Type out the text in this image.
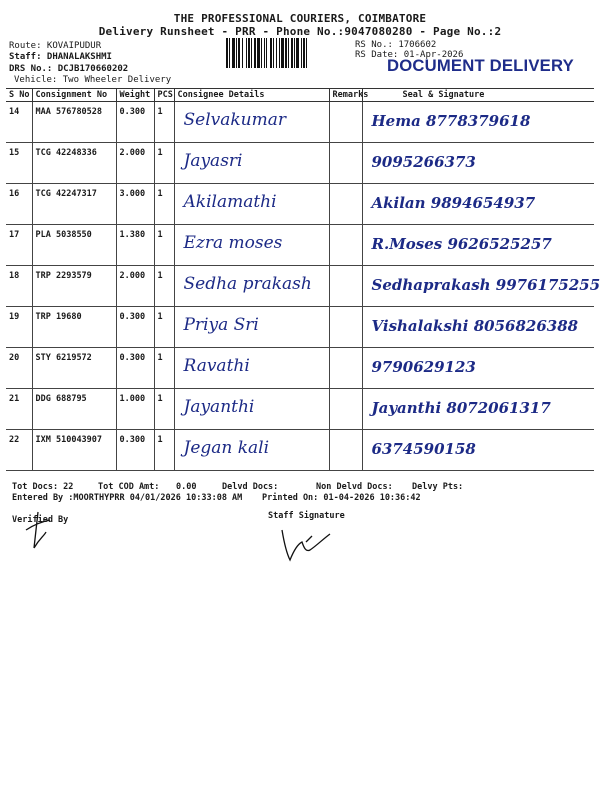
THE PROFESSIONAL COURIERS, COIMBATORE
Delivery Runsheet - PRR - Phone No.:9047080280 - Page No.:2
Route: KOVAIPUDUR
Staff: DHANALAKSHMI
DRS No.: DCJB170660202
Vehicle: Two Wheeler Delivery
RS No.: 1706602
RS Date: 01-Apr-2026
DOCUMENT DELIVERY
S No	Consignment No	Weight	PCS	Consignee Details	Remarks	Seal & Signature

14	MAA 576780528	0.300	1	Selvakumar		Hema 8778379618

15	TCG 42248336	2.000	1	Jayasri		9095266373

16	TCG 42247317	3.000	1	Akilamathi		Akilan 9894654937

17	PLA 5038550	1.380	1	Ezra moses		R.Moses 9626525257

18	TRP 2293579	2.000	1	Sedha prakash		Sedhaprakash 9976175255

19	TRP 19680	0.300	1	Priya Sri		Vishalakshi 8056826388

20	STY 6219572	0.300	1	Ravathi		9790629123

21	DDG 688795	1.000	1	Jayanthi		Jayanthi 8072061317

22	IXM 510043907	0.300	1	Jegan kali		6374590158
Tot Docs: 22	Tot COD Amt: 0.00	Delvd Docs:	Non Delvd Docs: Delvy Pts:
Entered By :MOORTHYPRR 04/01/2026 10:33:08 AM Printed On: 01-04-2026 10:36:42
Verified By	Staff Signature
